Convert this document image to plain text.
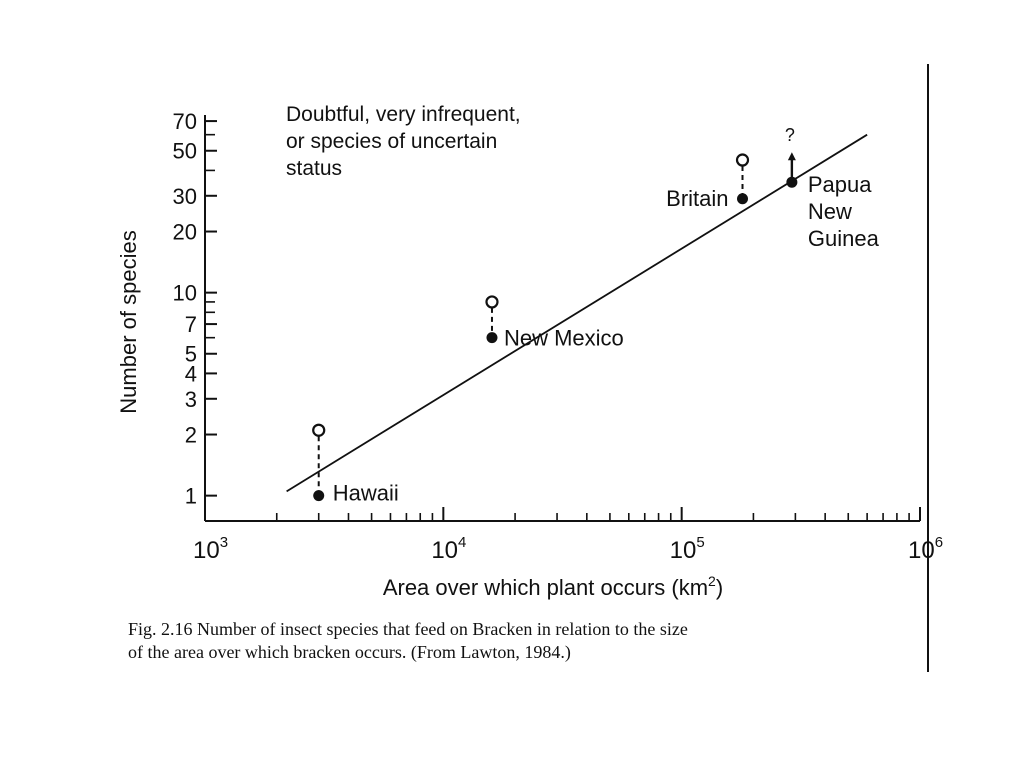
$10^3$	$10^4$	$10^5$	$10^6$
1
2
3
4
5
7
10
20
30
50
70
?
Hawaii
New Mexico
Britain
Papua New Guinea
Doubtful, very infrequent,
or species of uncertain
status
Number of species
Area over which plant occurs $(km^2)$

Fig. 2.16 Number of insect species that feed on Bracken in relation to the size
of the area over which bracken occurs. (From Lawton, 1984.)
